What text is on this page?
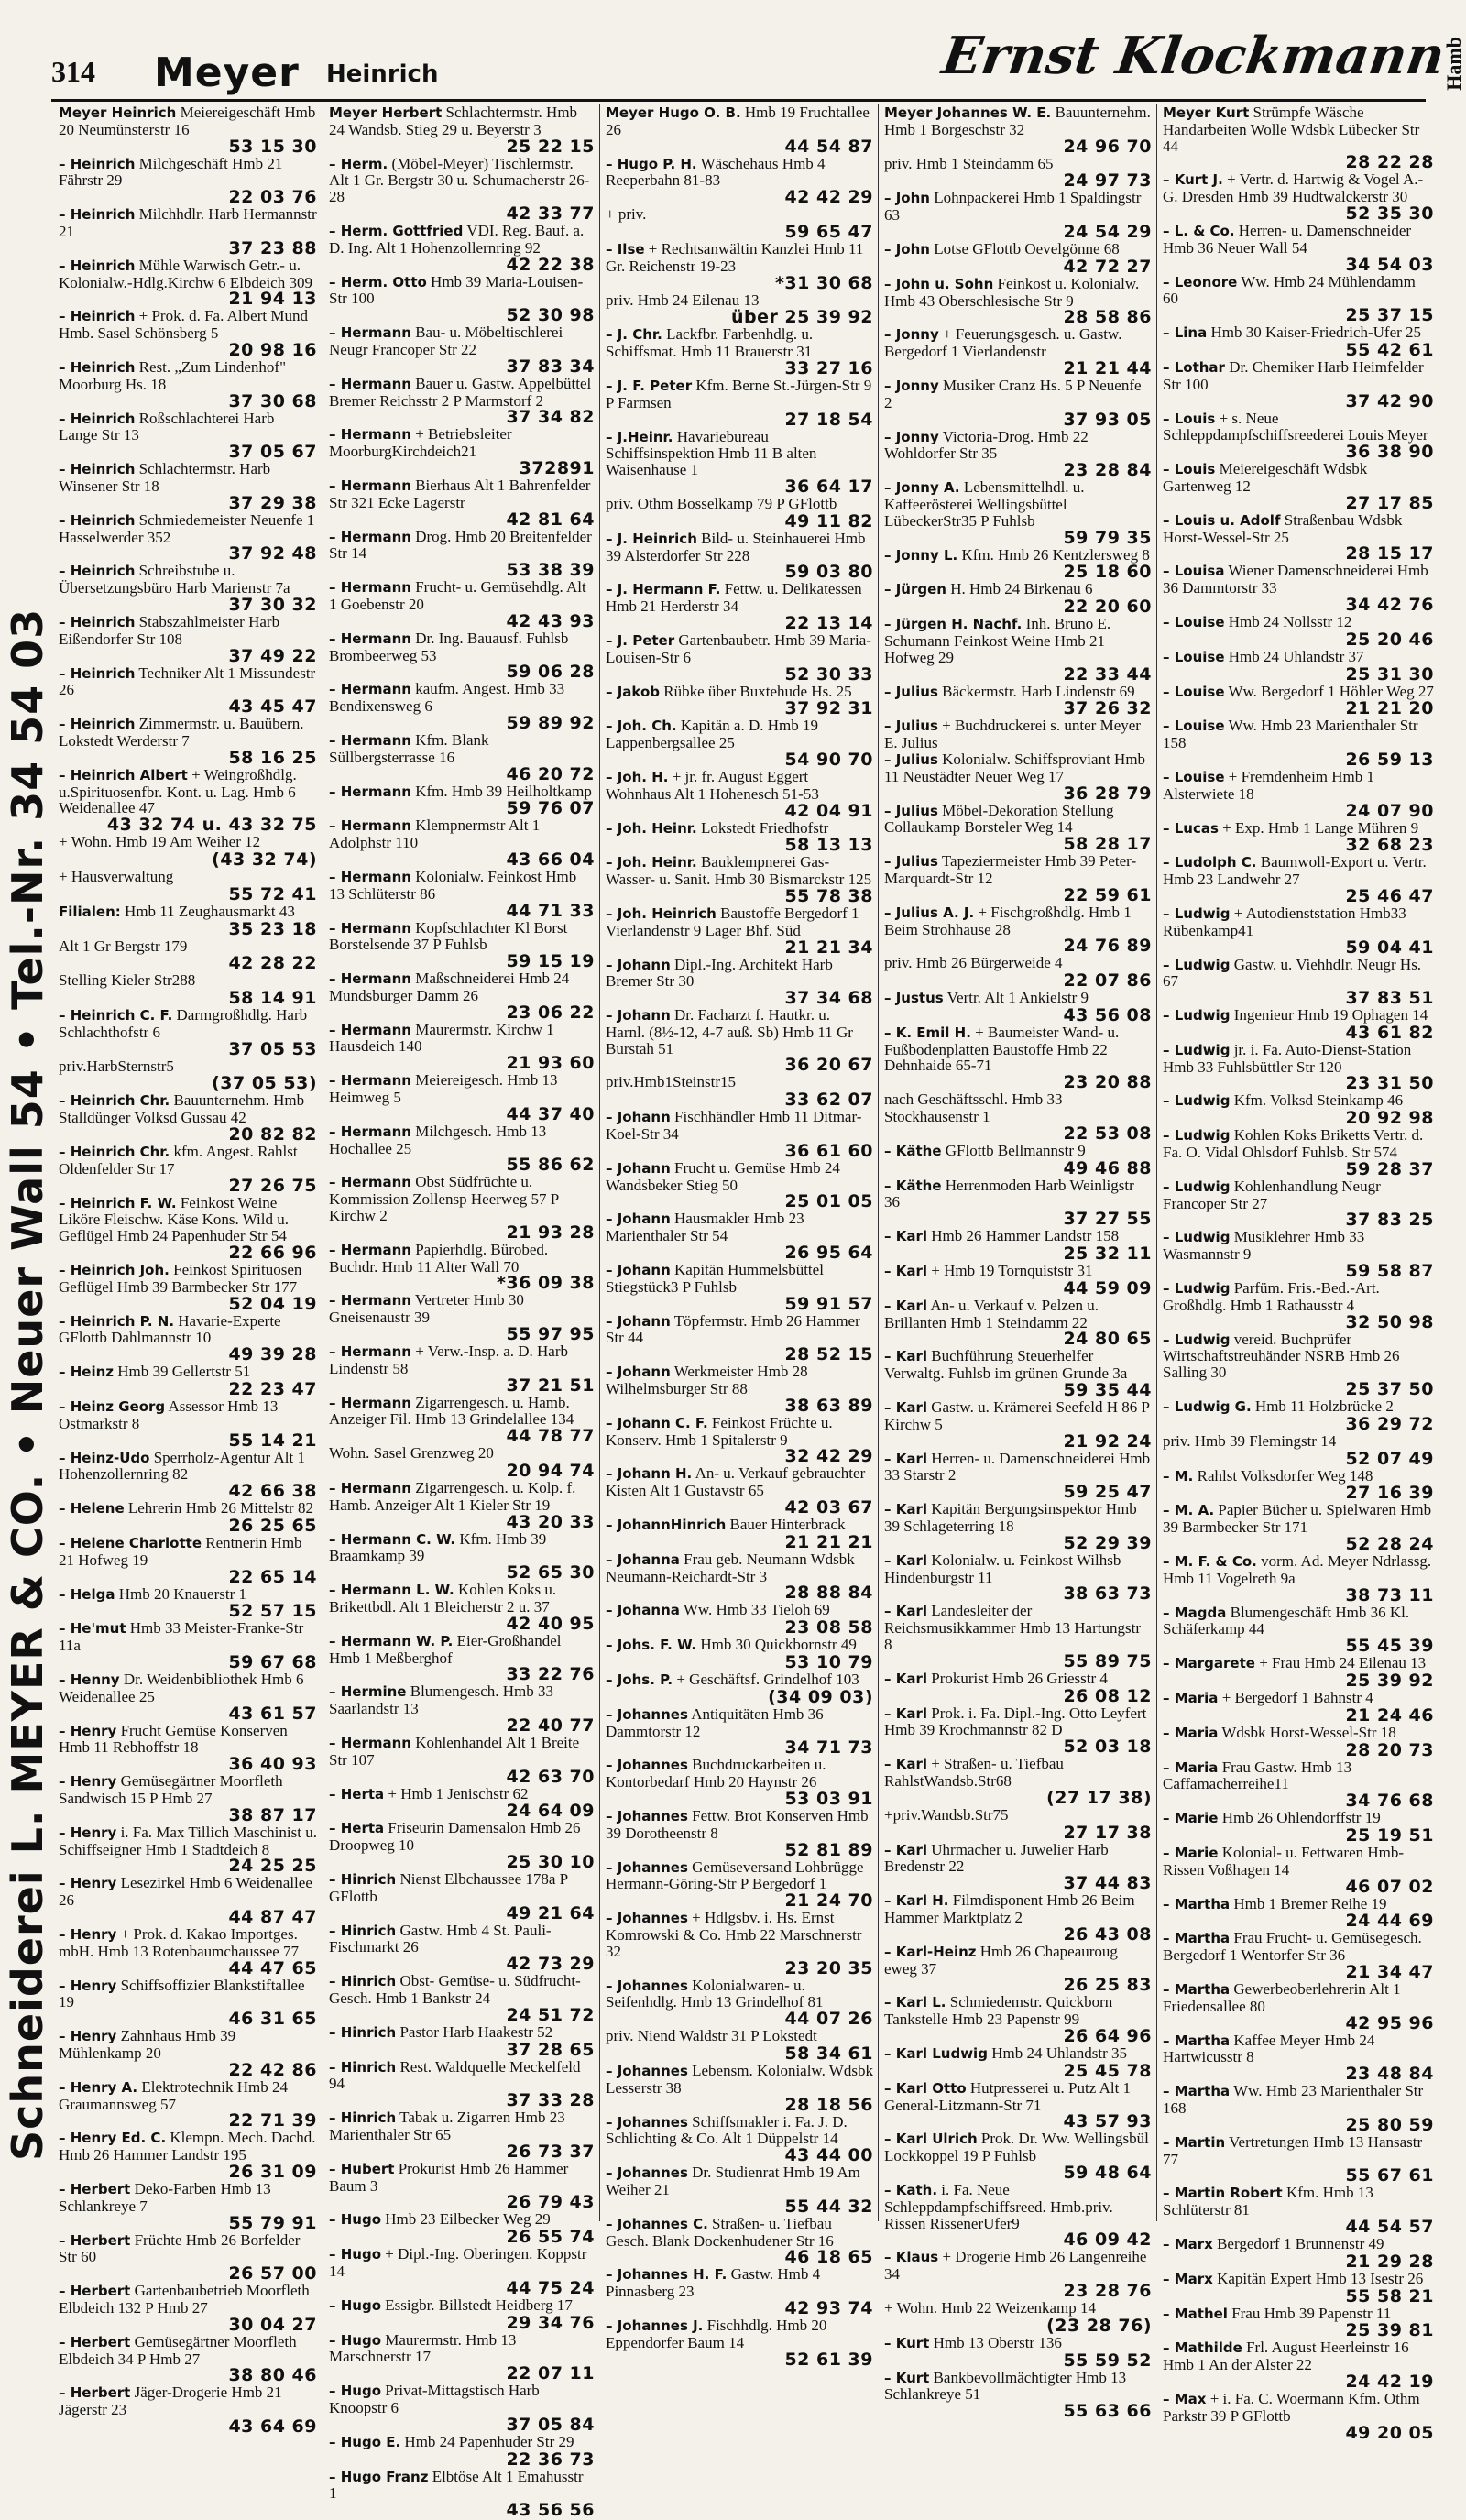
314 Meyer Heinrich	Ernst Klockmann
Schneiderei L. MEYER & CO. • Neuer Wall 54 • Tel.-Nr. 34 54 03
Hamb
Meyer Heinrich Meiereigeschäft Hmb 20 Neumünsterstr 16
53 15 30
– Heinrich Milchgeschäft Hmb 21 Fährstr 29
22 03 76
– Heinrich Milchhdlr. Harb Hermannstr 21
37 23 88
– Heinrich Mühle Warwisch Getr.- u. Kolonialw.-Hdlg.Kirchw 6 Elbdeich 309
21 94 13
– Heinrich + Prok. d. Fa. Albert Mund Hmb. Sasel Schönsberg 5
20 98 16
– Heinrich Rest. „Zum Lindenhof" Moorburg Hs. 18
37 30 68
– Heinrich Roßschlachterei Harb Lange Str 13
37 05 67
– Heinrich Schlachtermstr. Harb Winsener Str 18
37 29 38
– Heinrich Schmiedemeister Neuenfe 1 Hasselwerder 352
37 92 48
– Heinrich Schreibstube u. Übersetzungsbüro Harb Marienstr 7a
37 30 32
– Heinrich Stabszahlmeister Harb Eißendorfer Str 108
37 49 22
– Heinrich Techniker Alt 1 Missundestr 26
43 45 47
– Heinrich Zimmermstr. u. Bauübern. Lokstedt Werderstr 7
58 16 25
– Heinrich Albert + Weingroßhdlg. u.Spirituosenfbr. Kont. u. Lag. Hmb 6 Weidenallee 47
43 32 74 u. 43 32 75
+ Wohn. Hmb 19 Am Weiher 12
(43 32 74)
+ Hausverwaltung
55 72 41
Filialen: Hmb 11 Zeughausmarkt 43
35 23 18
Alt 1 Gr Bergstr 179
42 28 22
Stelling Kieler Str288
58 14 91
– Heinrich C. F. Darmgroßhdlg. Harb Schlachthofstr 6
37 05 53
priv.HarbSternstr5
(37 05 53)
– Heinrich Chr. Bauunternehm. Hmb Stalldünger Volksd Gussau 42
20 82 82
– Heinrich Chr. kfm. Angest. Rahlst Oldenfelder Str 17
27 26 75
– Heinrich F. W. Feinkost Weine Liköre Fleischw. Käse Kons. Wild u. Geflügel Hmb 24 Papenhuder Str 54
22 66 96
– Heinrich Joh. Feinkost Spirituosen Geflügel Hmb 39 Barmbecker Str 177
52 04 19
– Heinrich P. N. Havarie-Experte GFlottb Dahlmannstr 10
49 39 28
– Heinz Hmb 39 Gellertstr 51
22 23 47
– Heinz Georg Assessor Hmb 13 Ostmarkstr 8
55 14 21
– Heinz-Udo Sperrholz-Agentur Alt 1 Hohenzollernring 82
42 66 38
– Helene Lehrerin Hmb 26 Mittelstr 82
26 25 65
– Helene Charlotte Rentnerin Hmb 21 Hofweg 19
22 65 14
– Helga Hmb 20 Knauerstr 1
52 57 15
– He'mut Hmb 33 Meister-Franke-Str 11a
59 67 68
– Henny Dr. Weidenbibliothek Hmb 6 Weidenallee 25
43 61 57
– Henry Frucht Gemüse Konserven Hmb 11 Rebhoffstr 18
36 40 93
– Henry Gemüsegärtner Moorfleth Sandwisch 15 P Hmb 27
38 87 17
– Henry i. Fa. Max Tillich Maschinist u. Schiffseigner Hmb 1 Stadtdeich 8
24 25 25
– Henry Lesezirkel Hmb 6 Weidenallee 26
44 87 47
– Henry + Prok. d. Kakao Importges. mbH. Hmb 13 Rotenbaumchaussee 77
44 47 65
– Henry Schiffsoffizier Blankstiftallee 19
46 31 65
– Henry Zahnhaus Hmb 39 Mühlenkamp 20
22 42 86
– Henry A. Elektrotechnik Hmb 24 Graumannsweg 57
22 71 39
– Henry Ed. C. Klempn. Mech. Dachd. Hmb 26 Hammer Landstr 195
26 31 09
– Herbert Deko-Farben Hmb 13 Schlankreye 7
55 79 91
– Herbert Früchte Hmb 26 Borfelder Str 60
26 57 00
– Herbert Gartenbaubetrieb Moorfleth Elbdeich 132 P Hmb 27
30 04 27
– Herbert Gemüsegärtner Moorfleth Elbdeich 34 P Hmb 27
38 80 46
– Herbert Jäger-Drogerie Hmb 21 Jägerstr 23
43 64 69
Meyer Herbert Schlachtermstr. Hmb 24 Wandsb. Stieg 29 u. Beyerstr 3
25 22 15
– Herm. (Möbel-Meyer) Tischlermstr. Alt 1 Gr. Bergstr 30 u. Schumacherstr 26-28
42 33 77
– Herm. Gottfried VDI. Reg. Bauf. a. D. Ing. Alt 1 Hohenzollernring 92
42 22 38
– Herm. Otto Hmb 39 Maria-Louisen-Str 100
52 30 98
– Hermann Bau- u. Möbeltischlerei Neugr Francoper Str 22
37 83 34
– Hermann Bauer u. Gastw. Appelbüttel Bremer Reichsstr 2 P Marmstorf 2
37 34 82
– Hermann + Betriebsleiter MoorburgKirchdeich21
372891
– Hermann Bierhaus Alt 1 Bahrenfelder Str 321 Ecke Lagerstr
42 81 64
– Hermann Drog. Hmb 20 Breitenfelder Str 14
53 38 39
– Hermann Frucht- u. Gemüsehdlg. Alt 1 Goebenstr 20
42 43 93
– Hermann Dr. Ing. Bauausf. Fuhlsb Brombeerweg 53
59 06 28
– Hermann kaufm. Angest. Hmb 33 Bendixensweg 6
59 89 92
– Hermann Kfm. Blank Süllbergsterrasse 16
46 20 72
– Hermann Kfm. Hmb 39 Heilholtkamp
59 76 07
– Hermann Klempnermstr Alt 1 Adolphstr 110
43 66 04
– Hermann Kolonialw. Feinkost Hmb 13 Schlüterstr 86
44 71 33
– Hermann Kopfschlachter Kl Borst Borstelsende 37 P Fuhlsb
59 15 19
– Hermann Maßschneiderei Hmb 24 Mundsburger Damm 26
23 06 22
– Hermann Maurermstr. Kirchw 1 Hausdeich 140
21 93 60
– Hermann Meiereigesch. Hmb 13 Heimweg 5
44 37 40
– Hermann Milchgesch. Hmb 13 Hochallee 25
55 86 62
– Hermann Obst Südfrüchte u. Kommission Zollensp Heerweg 57 P Kirchw 2
21 93 28
– Hermann Papierhdlg. Bürobed. Buchdr. Hmb 11 Alter Wall 70
*36 09 38
– Hermann Vertreter Hmb 30 Gneisenaustr 39
55 97 95
– Hermann + Verw.-Insp. a. D. Harb Lindenstr 58
37 21 51
– Hermann Zigarrengesch. u. Hamb. Anzeiger Fil. Hmb 13 Grindelallee 134
44 78 77
Wohn. Sasel Grenzweg 20
20 94 74
– Hermann Zigarrengesch. u. Kolp. f. Hamb. Anzeiger Alt 1 Kieler Str 19
43 20 33
– Hermann C. W. Kfm. Hmb 39 Braamkamp 39
52 65 30
– Hermann L. W. Kohlen Koks u. Brikettbdl. Alt 1 Bleicherstr 2 u. 37
42 40 95
– Hermann W. P. Eier-Großhandel Hmb 1 Meßberghof
33 22 76
– Hermine Blumengesch. Hmb 33 Saarlandstr 13
22 40 77
– Hermann Kohlenhandel Alt 1 Breite Str 107
42 63 70
– Herta + Hmb 1 Jenischstr 62
24 64 09
– Herta Friseurin Damensalon Hmb 26 Droopweg 10
25 30 10
– Hinrich Nienst Elbchaussee 178a P GFlottb
49 21 64
– Hinrich Gastw. Hmb 4 St. Pauli-Fischmarkt 26
42 73 29
– Hinrich Obst- Gemüse- u. Südfrucht-Gesch. Hmb 1 Bankstr 24
24 51 72
– Hinrich Pastor Harb Haakestr 52
37 28 65
– Hinrich Rest. Waldquelle Meckelfeld 94
37 33 28
– Hinrich Tabak u. Zigarren Hmb 23 Marienthaler Str 65
26 73 37
– Hubert Prokurist Hmb 26 Hammer Baum 3
26 79 43
– Hugo Hmb 23 Eilbecker Weg 29
26 55 74
– Hugo + Dipl.-Ing. Oberingen. Koppstr 14
44 75 24
– Hugo Essigbr. Billstedt Heidberg 17
29 34 76
– Hugo Maurermstr. Hmb 13 Marschnerstr 17
22 07 11
– Hugo Privat-Mittagstisch Harb Knoopstr 6
37 05 84
– Hugo E. Hmb 24 Papenhuder Str 29
22 36 73
– Hugo Franz Elbtöse Alt 1 Emahusstr 1
43 56 56
Meyer Hugo O. B. Hmb 19 Fruchtallee 26
44 54 87
– Hugo P. H. Wäschehaus Hmb 4 Reeperbahn 81-83
42 42 29
+ priv.
59 65 47
– Ilse + Rechtsanwältin Kanzlei Hmb 11 Gr. Reichenstr 19-23
*31 30 68
priv. Hmb 24 Eilenau 13
über 25 39 92
– J. Chr. Lackfbr. Farbenhdlg. u. Schiffsmat. Hmb 11 Brauerstr 31
33 27 16
– J. F. Peter Kfm. Berne St.-Jürgen-Str 9 P Farmsen
27 18 54
– J.Heinr. Havariebureau Schiffsinspektion Hmb 11 B alten Waisenhause 1
36 64 17
priv. Othm Bosselkamp 79 P GFlottb
49 11 82
– J. Heinrich Bild- u. Steinhauerei Hmb 39 Alsterdorfer Str 228
59 03 80
– J. Hermann F. Fettw. u. Delikatessen Hmb 21 Herderstr 34
22 13 14
– J. Peter Gartenbaubetr. Hmb 39 Maria-Louisen-Str 6
52 30 33
– Jakob Rübke über Buxtehude Hs. 25
37 92 31
– Joh. Ch. Kapitän a. D. Hmb 19 Lappenbergsallee 25
54 90 70
– Joh. H. + jr. fr. August Eggert Wohnhaus Alt 1 Hohenesch 51-53
42 04 91
– Joh. Heinr. Lokstedt Friedhofstr
58 13 13
– Joh. Heinr. Bauklempnerei Gas- Wasser- u. Sanit. Hmb 30 Bismarckstr 125
55 78 38
– Joh. Heinrich Baustoffe Bergedorf 1 Vierlandenstr 9 Lager Bhf. Süd
21 21 34
– Johann Dipl.-Ing. Architekt Harb Bremer Str 30
37 34 68
– Johann Dr. Facharzt f. Hautkr. u. Harnl. (8½-12, 4-7 auß. Sb) Hmb 11 Gr Burstah 51
36 20 67
priv.Hmb1Steinstr15
33 62 07
– Johann Fischhändler Hmb 11 Ditmar-Koel-Str 34
36 61 60
– Johann Frucht u. Gemüse Hmb 24 Wandsbeker Stieg 50
25 01 05
– Johann Hausmakler Hmb 23 Marienthaler Str 54
26 95 64
– Johann Kapitän Hummelsbüttel Stiegstück3 P Fuhlsb
59 91 57
– Johann Töpfermstr. Hmb 26 Hammer Str 44
28 52 15
– Johann Werkmeister Hmb 28 Wilhelmsburger Str 88
38 63 89
– Johann C. F. Feinkost Früchte u. Konserv. Hmb 1 Spitalerstr 9
32 42 29
– Johann H. An- u. Verkauf gebrauchter Kisten Alt 1 Gustavstr 65
42 03 67
– JohannHinrich Bauer Hinterbrack
21 21 21
– Johanna Frau geb. Neumann Wdsbk Neumann-Reichardt-Str 3
28 88 84
– Johanna Ww. Hmb 33 Tieloh 69
23 08 58
– Johs. F. W. Hmb 30 Quickbornstr 49
53 10 79
– Johs. P. + Geschäftsf. Grindelhof 103
(34 09 03)
– Johannes Antiquitäten Hmb 36 Dammtorstr 12
34 71 73
– Johannes Buchdruckarbeiten u. Kontorbedarf Hmb 20 Haynstr 26
53 03 91
– Johannes Fettw. Brot Konserven Hmb 39 Dorotheenstr 8
52 81 89
– Johannes Gemüseversand Lohbrügge Hermann-Göring-Str P Bergedorf 1
21 24 70
– Johannes + Hdlgsbv. i. Hs. Ernst Komrowski & Co. Hmb 22 Marschnerstr 32
23 20 35
– Johannes Kolonialwaren- u. Seifenhdlg. Hmb 13 Grindelhof 81
44 07 26
priv. Niend Waldstr 31 P Lokstedt
58 34 61
– Johannes Lebensm. Kolonialw. Wdsbk Lesserstr 38
28 18 56
– Johannes Schiffsmakler i. Fa. J. D. Schlichting & Co. Alt 1 Düppelstr 14
43 44 00
– Johannes Dr. Studienrat Hmb 19 Am Weiher 21
55 44 32
– Johannes C. Straßen- u. Tiefbau Gesch. Blank Dockenhudener Str 16
46 18 65
– Johannes H. F. Gastw. Hmb 4 Pinnasberg 23
42 93 74
– Johannes J. Fischhdlg. Hmb 20 Eppendorfer Baum 14
52 61 39
Meyer Johannes W. E. Bauunternehm. Hmb 1 Borgeschstr 32
24 96 70
priv. Hmb 1 Steindamm 65
24 97 73
– John Lohnpackerei Hmb 1 Spaldingstr 63
24 54 29
– John Lotse GFlottb Oevelgönne 68
42 72 27
– John u. Sohn Feinkost u. Kolonialw. Hmb 43 Oberschlesische Str 9
28 58 86
– Jonny + Feuerungsgesch. u. Gastw. Bergedorf 1 Vierlandenstr
21 21 44
– Jonny Musiker Cranz Hs. 5 P Neuenfe 2
37 93 05
– Jonny Victoria-Drog. Hmb 22 Wohldorfer Str 35
23 28 84
– Jonny A. Lebensmittelhdl. u. Kaffeerösterei Wellingsbüttel LübeckerStr35 P Fuhlsb
59 79 35
– Jonny L. Kfm. Hmb 26 Kentzlersweg 8
25 18 60
– Jürgen H. Hmb 24 Birkenau 6
22 20 60
– Jürgen H. Nachf. Inh. Bruno E. Schumann Feinkost Weine Hmb 21 Hofweg 29
22 33 44
– Julius Bäckermstr. Harb Lindenstr 69
37 26 32
– Julius + Buchdruckerei s. unter Meyer E. Julius
– Julius Kolonialw. Schiffsproviant Hmb 11 Neustädter Neuer Weg 17
36 28 79
– Julius Möbel-Dekoration Stellung Collaukamp Borsteler Weg 14
58 28 17
– Julius Tapeziermeister Hmb 39 Peter-Marquardt-Str 12
22 59 61
– Julius A. J. + Fischgroßhdlg. Hmb 1 Beim Strohhause 28
24 76 89
priv. Hmb 26 Bürgerweide 4
22 07 86
– Justus Vertr. Alt 1 Ankielstr 9
43 56 08
– K. Emil H. + Baumeister Wand- u. Fußbodenplatten Baustoffe Hmb 22 Dehnhaide 65-71
23 20 88
nach Geschäftsschl. Hmb 33 Stockhausenstr 1
22 53 08
– Käthe GFlottb Bellmannstr 9
49 46 88
– Käthe Herrenmoden Harb Weinligstr 36
37 27 55
– Karl Hmb 26 Hammer Landstr 158
25 32 11
– Karl + Hmb 19 Tornquiststr 31
44 59 09
– Karl An- u. Verkauf v. Pelzen u. Brillanten Hmb 1 Steindamm 22
24 80 65
– Karl Buchführung Steuerhelfer Verwaltg. Fuhlsb im grünen Grunde 3a
59 35 44
– Karl Gastw. u. Krämerei Seefeld H 86 P Kirchw 5
21 92 24
– Karl Herren- u. Damenschneiderei Hmb 33 Starstr 2
59 25 47
– Karl Kapitän Bergungsinspektor Hmb 39 Schlageterring 18
52 29 39
– Karl Kolonialw. u. Feinkost Wilhsb Hindenburgstr 11
38 63 73
– Karl Landesleiter der Reichsmusikkammer Hmb 13 Hartungstr 8
55 89 75
– Karl Prokurist Hmb 26 Griesstr 4
26 08 12
– Karl Prok. i. Fa. Dipl.-Ing. Otto Leyfert Hmb 39 Krochmannstr 82 D
52 03 18
– Karl + Straßen- u. Tiefbau RahlstWandsb.Str68
(27 17 38)
+priv.Wandsb.Str75
27 17 38
– Karl Uhrmacher u. Juwelier Harb Bredenstr 22
37 44 83
– Karl H. Filmdisponent Hmb 26 Beim Hammer Marktplatz 2
26 43 08
– Karl-Heinz Hmb 26 Chapeauroug eweg 37
26 25 83
– Karl L. Schmiedemstr. Quickborn Tankstelle Hmb 23 Papenstr 99
26 64 96
– Karl Ludwig Hmb 24 Uhlandstr 35
25 45 78
– Karl Otto Hutpresserei u. Putz Alt 1 General-Litzmann-Str 71
43 57 93
– Karl Ulrich Prok. Dr. Ww. Wellingsbül Lockkoppel 19 P Fuhlsb
59 48 64
– Kath. i. Fa. Neue Schleppdampfschiffsreed. Hmb.priv. Rissen RissenerUfer9
46 09 42
– Klaus + Drogerie Hmb 26 Langenreihe 34
23 28 76
+ Wohn. Hmb 22 Weizenkamp 14
(23 28 76)
– Kurt Hmb 13 Oberstr 136
55 59 52
– Kurt Bankbevollmächtigter Hmb 13 Schlankreye 51
55 63 66
Meyer Kurt Strümpfe Wäsche Handarbeiten Wolle Wdsbk Lübecker Str 44
28 22 28
– Kurt J. + Vertr. d. Hartwig & Vogel A.-G. Dresden Hmb 39 Hudtwalckerstr 30
52 35 30
– L. & Co. Herren- u. Damenschneider Hmb 36 Neuer Wall 54
34 54 03
– Leonore Ww. Hmb 24 Mühlendamm 60
25 37 15
– Lina Hmb 30 Kaiser-Friedrich-Ufer 25
55 42 61
– Lothar Dr. Chemiker Harb Heimfelder Str 100
37 42 90
– Louis + s. Neue Schleppdampfschiffsreederei Louis Meyer
36 38 90
– Louis Meiereigeschäft Wdsbk Gartenweg 12
27 17 85
– Louis u. Adolf Straßenbau Wdsbk Horst-Wessel-Str 25
28 15 17
– Louisa Wiener Damenschneiderei Hmb 36 Dammtorstr 33
34 42 76
– Louise Hmb 24 Nollsstr 12
25 20 46
– Louise Hmb 24 Uhlandstr 37
25 31 30
– Louise Ww. Bergedorf 1 Höhler Weg 27
21 21 20
– Louise Ww. Hmb 23 Marienthaler Str 158
26 59 13
– Louise + Fremdenheim Hmb 1 Alsterwiete 18
24 07 90
– Lucas + Exp. Hmb 1 Lange Mühren 9
32 68 23
– Ludolph C. Baumwoll-Export u. Vertr. Hmb 23 Landwehr 27
25 46 47
– Ludwig + Autodienststation Hmb33 Rübenkamp41
59 04 41
– Ludwig Gastw. u. Viehhdlr. Neugr Hs. 67
37 83 51
– Ludwig Ingenieur Hmb 19 Ophagen 14
43 61 82
– Ludwig jr. i. Fa. Auto-Dienst-Station Hmb 33 Fuhlsbüttler Str 120
23 31 50
– Ludwig Kfm. Volksd Steinkamp 46
20 92 98
– Ludwig Kohlen Koks Briketts Vertr. d. Fa. O. Vidal Ohlsdorf Fuhlsb. Str 574
59 28 37
– Ludwig Kohlenhandlung Neugr Francoper Str 27
37 83 25
– Ludwig Musiklehrer Hmb 33 Wasmannstr 9
59 58 87
– Ludwig Parfüm. Fris.-Bed.-Art. Großhdlg. Hmb 1 Rathausstr 4
32 50 98
– Ludwig vereid. Buchprüfer Wirtschaftstreuhänder NSRB Hmb 26 Salling 30
25 37 50
– Ludwig G. Hmb 11 Holzbrücke 2
36 29 72
priv. Hmb 39 Flemingstr 14
52 07 49
– M. Rahlst Volksdorfer Weg 148
27 16 39
– M. A. Papier Bücher u. Spielwaren Hmb 39 Barmbecker Str 171
52 28 24
– M. F. & Co. vorm. Ad. Meyer Ndrlassg. Hmb 11 Vogelreth 9a
38 73 11
– Magda Blumengeschäft Hmb 36 Kl. Schäferkamp 44
55 45 39
– Margarete + Frau Hmb 24 Eilenau 13
25 39 92
– Maria + Bergedorf 1 Bahnstr 4
21 24 46
– Maria Wdsbk Horst-Wessel-Str 18
28 20 73
– Maria Frau Gastw. Hmb 13 Caffamacherreihe11
34 76 68
– Marie Hmb 26 Ohlendorffstr 19
25 19 51
– Marie Kolonial- u. Fettwaren Hmb-Rissen Voßhagen 14
46 07 02
– Martha Hmb 1 Bremer Reihe 19
24 44 69
– Martha Frau Frucht- u. Gemüsegesch. Bergedorf 1 Wentorfer Str 36
21 34 47
– Martha Gewerbeoberlehrerin Alt 1 Friedensallee 80
42 95 96
– Martha Kaffee Meyer Hmb 24 Hartwicusstr 8
23 48 84
– Martha Ww. Hmb 23 Marienthaler Str 168
25 80 59
– Martin Vertretungen Hmb 13 Hansastr 77
55 67 61
– Martin Robert Kfm. Hmb 13 Schlüterstr 81
44 54 57
– Marx Bergedorf 1 Brunnenstr 49
21 29 28
– Marx Kapitän Expert Hmb 13 Isestr 26
55 58 21
– Mathel Frau Hmb 39 Papenstr 11
25 39 81
– Mathilde Frl. August Heerleinstr 16 Hmb 1 An der Alster 22
24 42 19
– Max + i. Fa. C. Woermann Kfm. Othm Parkstr 39 P GFlottb
49 20 05
